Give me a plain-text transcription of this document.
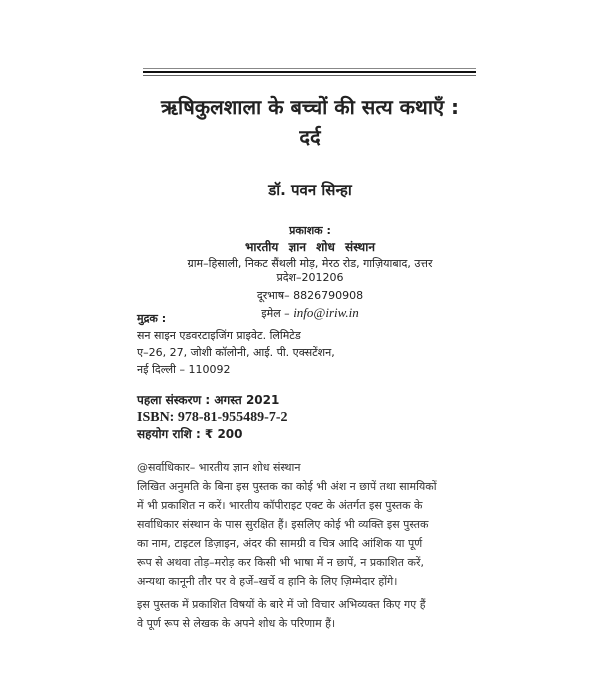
ऋषिकुलशाला के बच्चों की सत्य कथाएँ :
दर्द
डॉ. पवन सिन्हा
प्रकाशक :
भारतीय ज्ञान शोध संस्थान
ग्राम–हिसाली, निकट सैंथली मोड़, मेरठ रोड, गाज़ियाबाद, उत्तर
प्रदेश–201206
दूरभाष– 8826790908
इमेल – info@iriw.in
मुद्रक :
सन साइन एडवरटाइजिंग प्राइवेट. लिमिटेड
ए–26, 27, जोशी कॉलोनी, आई. पी. एक्सटेंशन,
नई दिल्ली – 110092
पहला संस्करण : अगस्त 2021
ISBN: 978-81-955489-7-2
सहयोग राशि : ₹ 200
@सर्वाधिकार– भारतीय ज्ञान शोध संस्थान
लिखित अनुमति के बिना इस पुस्तक का कोई भी अंश न छापें तथा सामयिकों
में भी प्रकाशित न करें। भारतीय कॉपीराइट एक्ट के अंतर्गत इस पुस्तक के
सर्वाधिकार संस्थान के पास सुरक्षित हैं। इसलिए कोई भी व्यक्ति इस पुस्तक
का नाम, टाइटल डिज़ाइन, अंदर की सामग्री व चित्र आदि आंशिक या पूर्ण
रूप से अथवा तोड़–मरोड़ कर किसी भी भाषा में न छापें, न प्रकाशित करें,
अन्यथा कानूनी तौर पर वे हर्जे–खर्चे व हानि के लिए ज़िम्मेदार होंगे।
इस पुस्तक में प्रकाशित विषयों के बारे में जो विचार अभिव्यक्त किए गए हैं
वे पूर्ण रूप से लेखक के अपने शोध के परिणाम हैं।
